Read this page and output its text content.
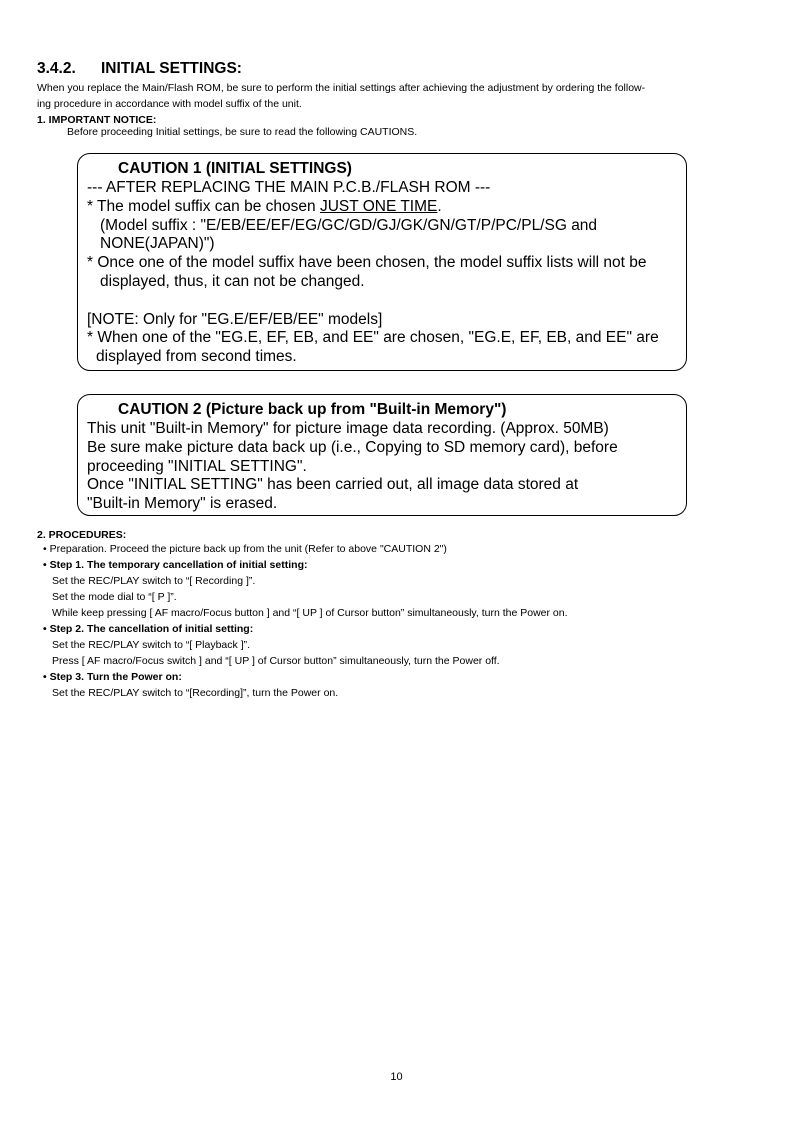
3.4.2. INITIAL SETTINGS:
When you replace the Main/Flash ROM, be sure to perform the initial settings after achieving the adjustment by ordering the follow-
ing procedure in accordance with model suffix of the unit.
1. IMPORTANT NOTICE:
Before proceeding Initial settings, be sure to read the following CAUTIONS.
CAUTION 1 (INITIAL SETTINGS)
--- AFTER REPLACING THE MAIN P.C.B./FLASH ROM ---
* The model suffix can be chosen JUST ONE TIME.
(Model suffix : "E/EB/EE/EF/EG/GC/GD/GJ/GK/GN/GT/P/PC/PL/SG and
NONE(JAPAN)")
* Once one of the model suffix have been chosen, the model suffix lists will not be
displayed, thus, it can not be changed.
[NOTE: Only for "EG.E/EF/EB/EE" models]
* When one of the "EG.E, EF, EB, and EE" are chosen, "EG.E, EF, EB, and EE" are
displayed from second times.
CAUTION 2 (Picture back up from "Built-in Memory")
This unit "Built-in Memory" for picture image data recording. (Approx. 50MB)
Be sure make picture data back up (i.e., Copying to SD memory card), before
proceeding "INITIAL SETTING".
Once "INITIAL SETTING" has been carried out, all image data stored at
"Built-in Memory" is erased.
2. PROCEDURES:
• Preparation. Proceed the picture back up from the unit (Refer to above "CAUTION 2")
• Step 1. The temporary cancellation of initial setting:
Set the REC/PLAY switch to “[ Recording ]”.
Set the mode dial to “[ P ]”.
While keep pressing [ AF macro/Focus button ] and “[ UP ] of Cursor button” simultaneously, turn the Power on.
• Step 2. The cancellation of initial setting:
Set the REC/PLAY switch to “[ Playback ]”.
Press [ AF macro/Focus switch ] and “[ UP ] of Cursor button” simultaneously, turn the Power off.
• Step 3. Turn the Power on:
Set the REC/PLAY switch to “[Recording]”, turn the Power on.
10
